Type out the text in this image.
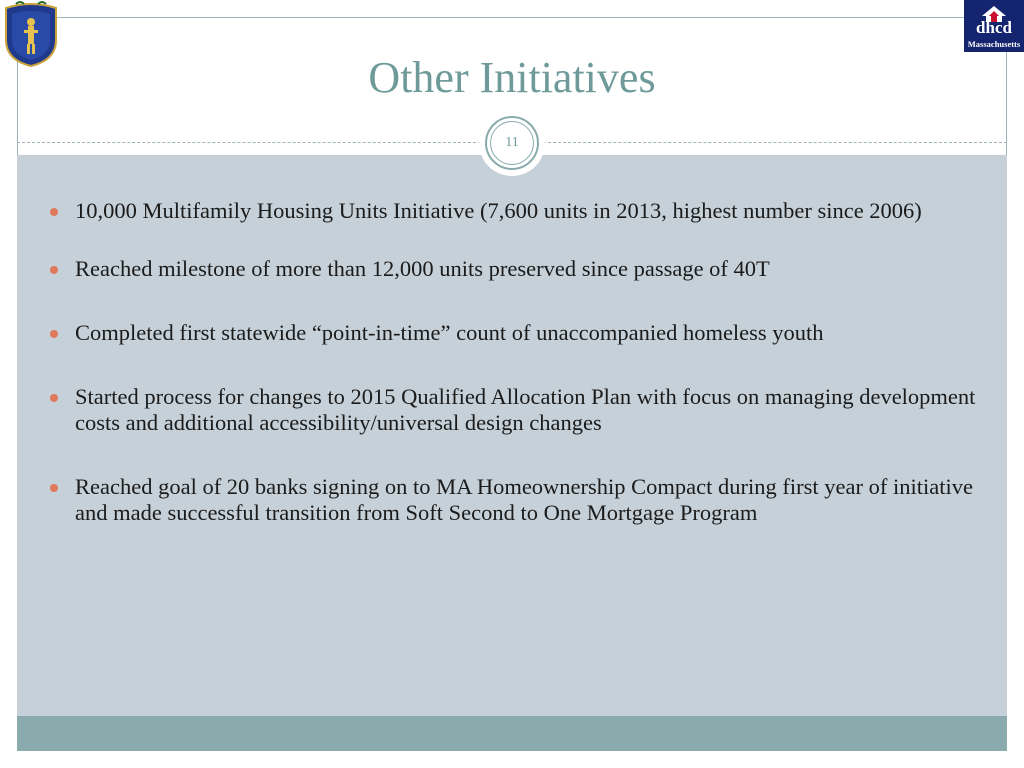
dhcd
Massachusetts
Other Initiatives
11
10,000 Multifamily Housing Units Initiative (7,600 units in 2013, highest number since 2006)
Reached milestone of more than 12,000 units preserved since passage of 40T
Completed first statewide “point-in-time” count of unaccompanied homeless youth
Started process for changes to 2015 Qualified Allocation Plan with focus on managing development costs and additional accessibility/universal design changes
Reached goal of 20 banks signing on to MA Homeownership Compact during first year of initiative and made successful transition from Soft Second to One Mortgage Program
